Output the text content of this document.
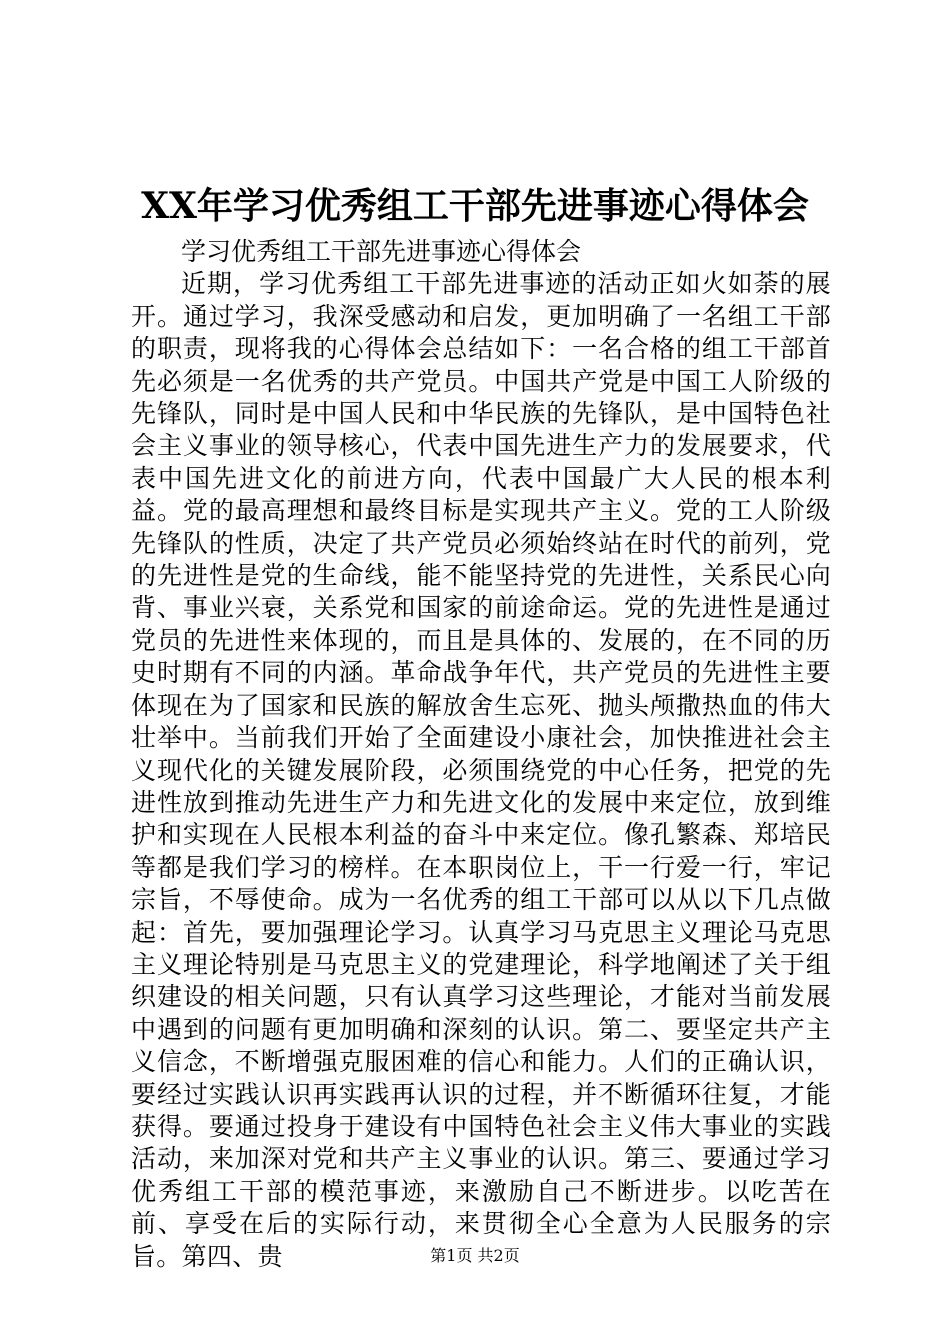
XX年学习优秀组工干部先进事迹心得体会

学习优秀组工干部先进事迹心得体会

近期，学习优秀组工干部先进事迹的活动正如火如荼的展开。通过学习，我深受感动和启发，更加明确了一名组工干部的职责，现将我的心得体会总结如下：一名合格的组工干部首先必须是一名优秀的共产党员。中国共产党是中国工人阶级的先锋队，同时是中国人民和中华民族的先锋队，是中国特色社会主义事业的领导核心，代表中国先进生产力的发展要求，代表中国先进文化的前进方向，代表中国最广大人民的根本利益。党的最高理想和最终目标是实现共产主义。党的工人阶级先锋队的性质，决定了共产党员必须始终站在时代的前列，党的先进性是党的生命线，能不能坚持党的先进性，关系民心向背、事业兴衰，关系党和国家的前途命运。党的先进性是通过党员的先进性来体现的，而且是具体的、发展的，在不同的历史时期有不同的内涵。革命战争年代，共产党员的先进性主要体现在为了国家和民族的解放舍生忘死、抛头颅撒热血的伟大壮举中。当前我们开始了全面建设小康社会，加快推进社会主义现代化的关键发展阶段，必须围绕党的中心任务，把党的先进性放到推动先进生产力和先进文化的发展中来定位，放到维护和实现在人民根本利益的奋斗中来定位。像孔繁森、郑培民等都是我们学习的榜样。在本职岗位上，干一行爱一行，牢记宗旨，不辱使命。成为一名优秀的组工干部可以从以下几点做起：首先，要加强理论学习。认真学习马克思主义理论马克思主义理论特别是马克思主义的党建理论，科学地阐述了关于组织建设的相关问题，只有认真学习这些理论，才能对当前发展中遇到的问题有更加明确和深刻的认识。第二、要坚定共产主义信念，不断增强克服困难的信心和能力。人们的正确认识，要经过实践认识再实践再认识的过程，并不断循环往复，才能获得。要通过投身于建设有中国特色社会主义伟大事业的实践活动，来加深对党和共产主义事业的认识。第三、要通过学习优秀组工干部的模范事迹，来激励自己不断进步。以吃苦在前、享受在后的实际行动，来贯彻全心全意为人民服务的宗旨。第四、贵	第1页 共2页
